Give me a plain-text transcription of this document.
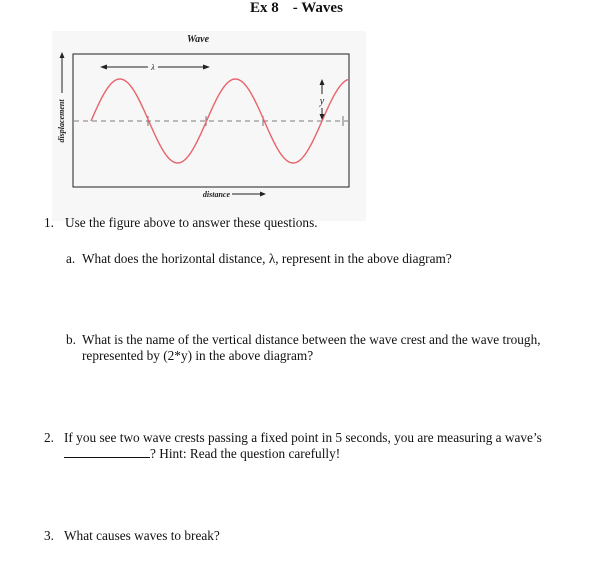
Ex 8 - Waves
Wave
λ
y
displacement
distance
1. Use the figure above to answer these questions.
a. What does the horizontal distance, λ, represent in the above diagram?
b. What is the name of the vertical distance between the wave crest and the wave trough, represented by (2*y) in the above diagram?
2. If you see two wave crests passing a fixed point in 5 seconds, you are measuring a wave’s ? Hint: Read the question carefully!
3. What causes waves to break?
